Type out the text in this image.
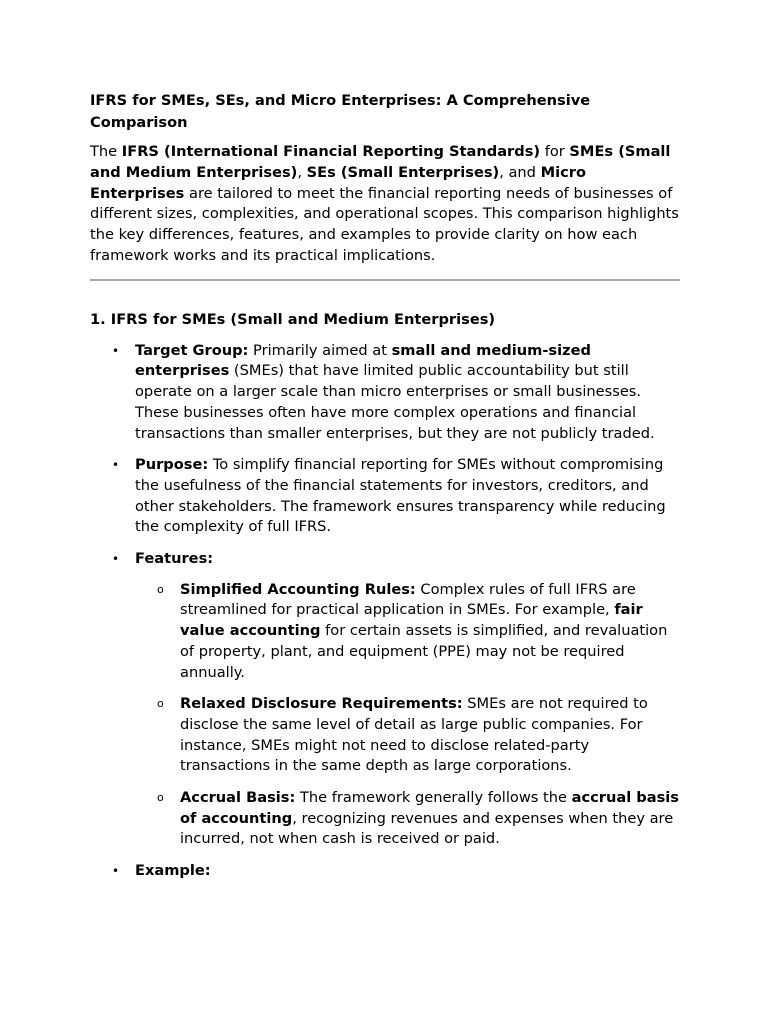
IFRS for SMEs, SEs, and Micro Enterprises: A Comprehensive Comparison

The IFRS (International Financial Reporting Standards) for SMEs (Small and Medium Enterprises), SEs (Small Enterprises), and Micro Enterprises are tailored to meet the financial reporting needs of businesses of different sizes, complexities, and operational scopes. This comparison highlights the key differences, features, and examples to provide clarity on how each framework works and its practical implications.

1. IFRS for SMEs (Small and Medium Enterprises)
• Target Group: Primarily aimed at small and medium-sized enterprises (SMEs) that have limited public accountability but still operate on a larger scale than micro enterprises or small businesses. These businesses often have more complex operations and financial transactions than smaller enterprises, but they are not publicly traded.
• Purpose: To simplify financial reporting for SMEs without compromising the usefulness of the financial statements for investors, creditors, and other stakeholders. The framework ensures transparency while reducing the complexity of full IFRS.
• Features:
o Simplified Accounting Rules: Complex rules of full IFRS are streamlined for practical application in SMEs. For example, fair value accounting for certain assets is simplified, and revaluation of property, plant, and equipment (PPE) may not be required annually.
o Relaxed Disclosure Requirements: SMEs are not required to disclose the same level of detail as large public companies. For instance, SMEs might not need to disclose related-party transactions in the same depth as large corporations.
o Accrual Basis: The framework generally follows the accrual basis of accounting, recognizing revenues and expenses when they are incurred, not when cash is received or paid.
• Example:
